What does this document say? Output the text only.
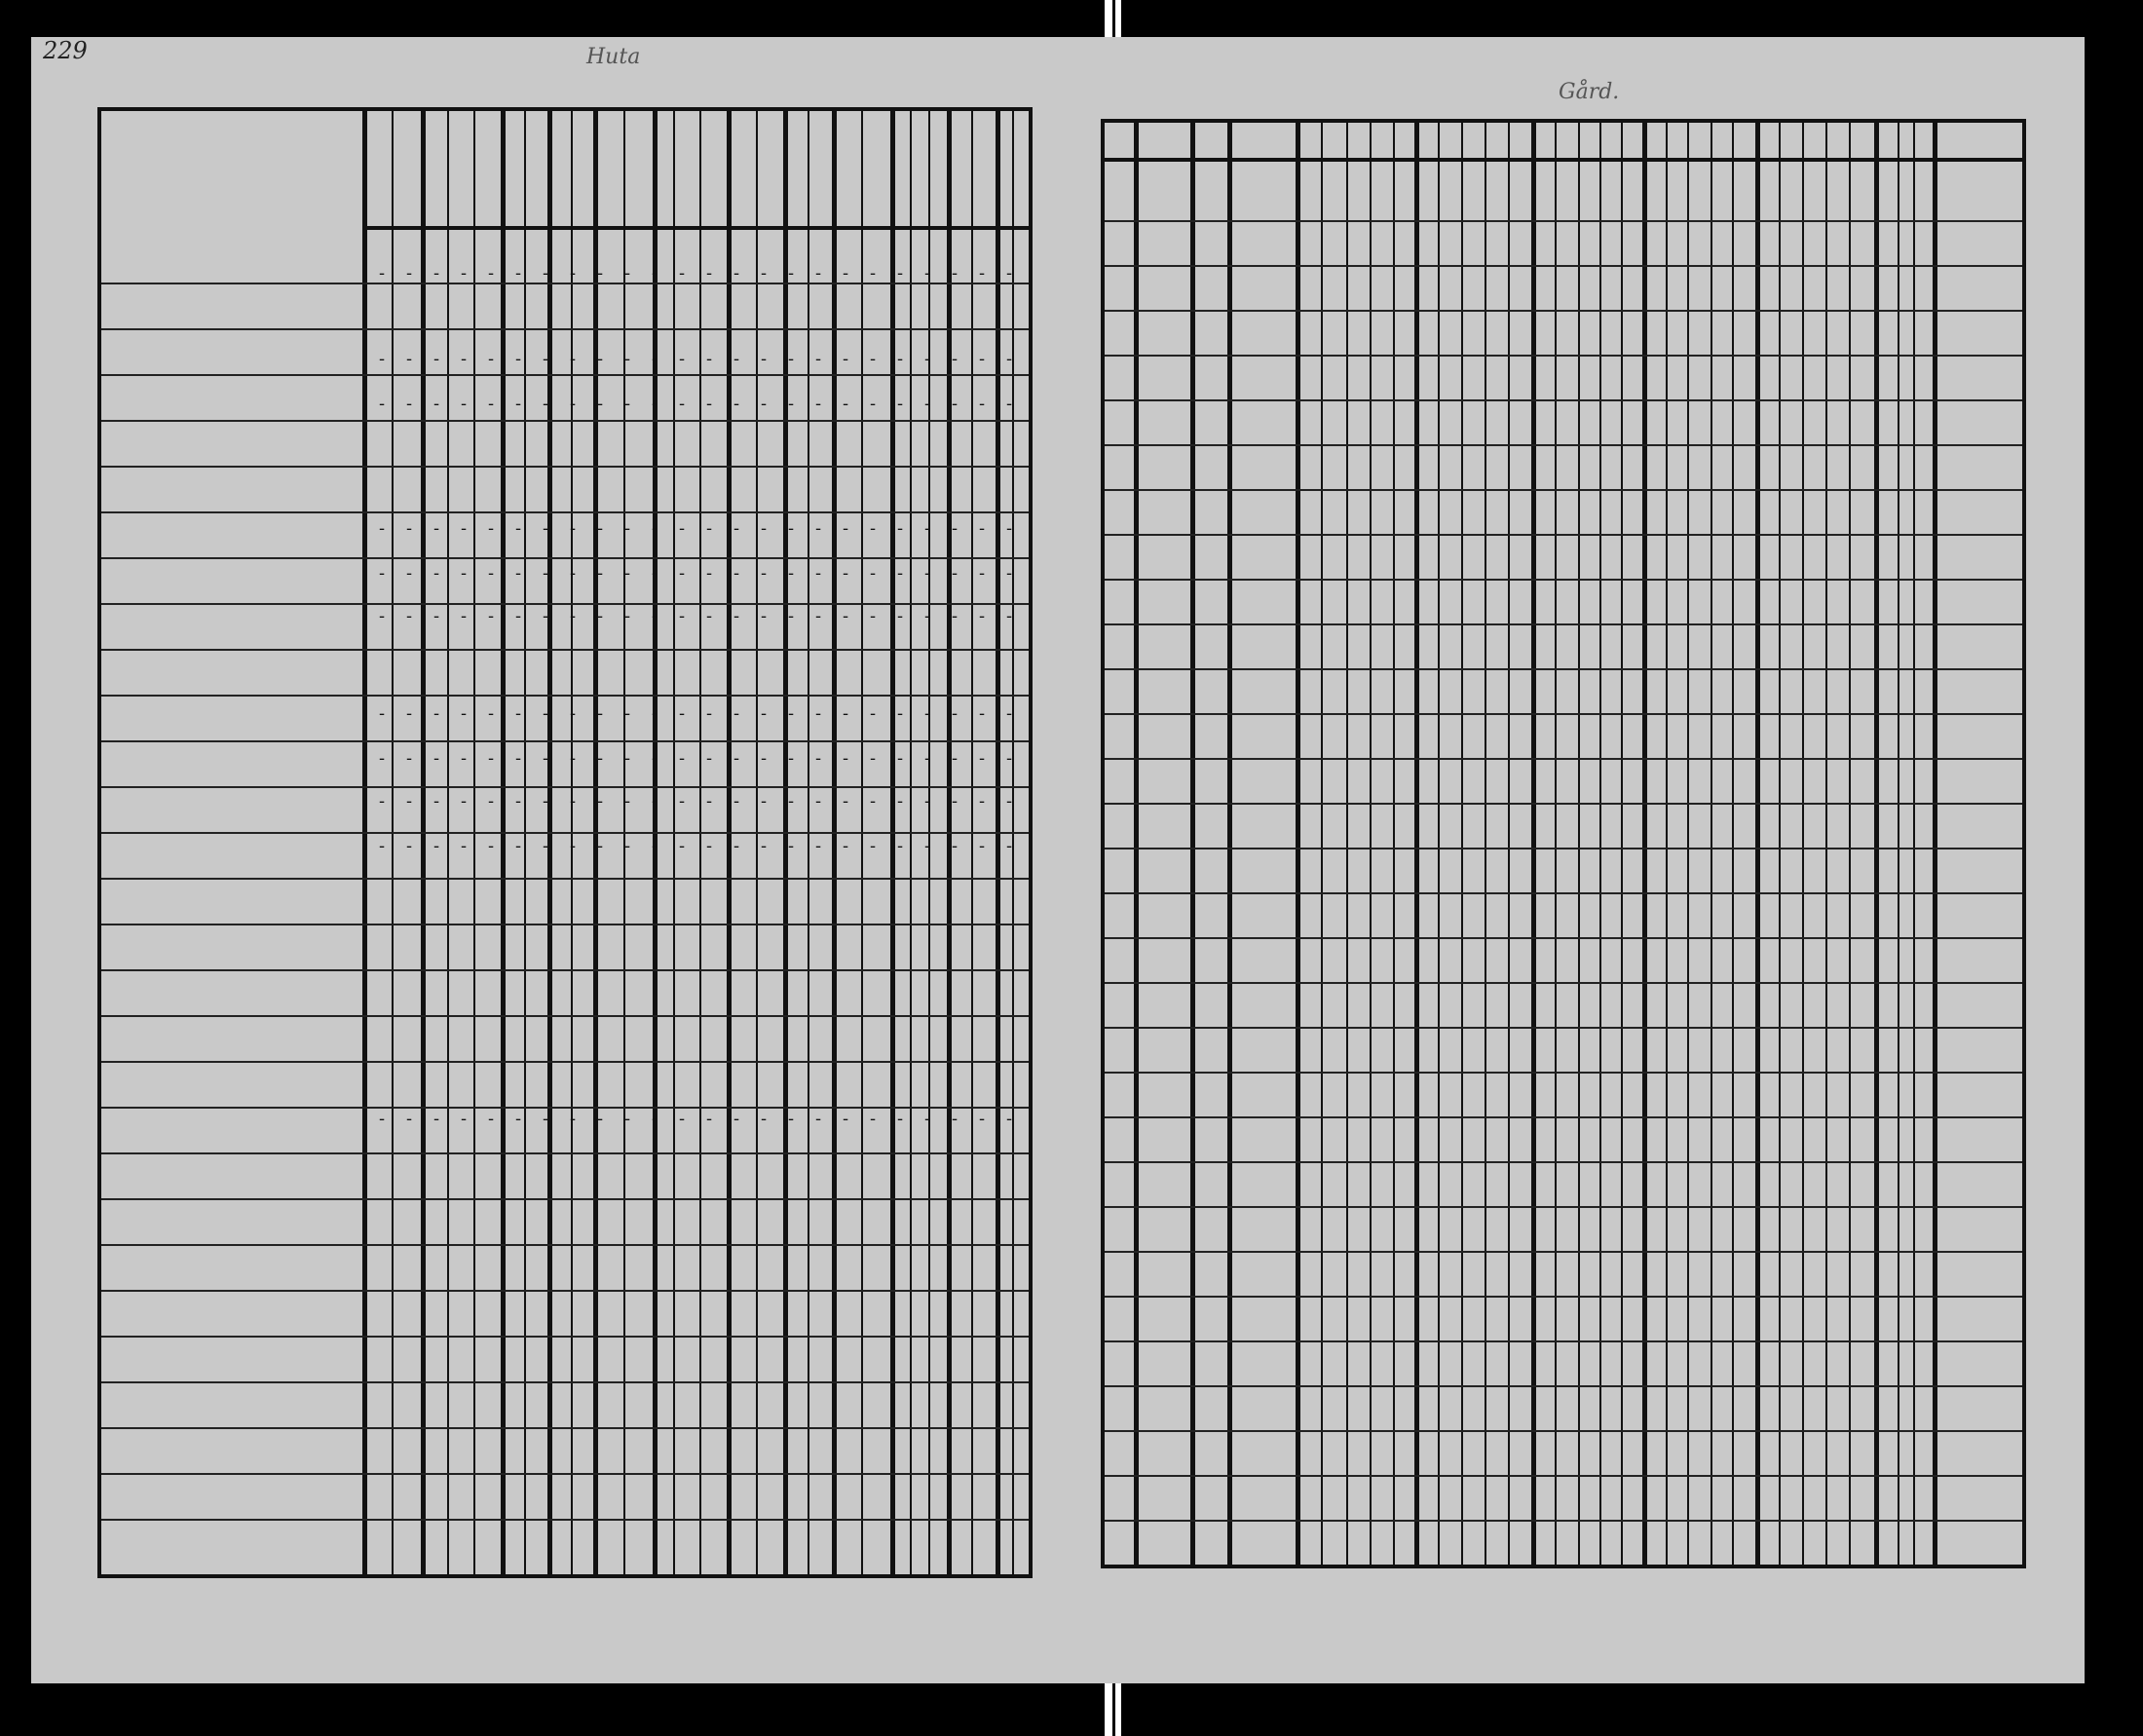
229	Huta
- - - - - - - - - - - - - - - - - - - - - - - -
- - - - - - - - - - - - - - - - - - - - - - - -
- - - - - - - - - - - - - - - - - - - - - - - -
- - - - - - - - - - - - - - - - - - - - - - - -
- - - - - - - - - - - - - - - - - - - - - - - -
- - - - - - - - - - - - - - - - - - - - - - - -
- - - - - - - - - - - - - - - - - - - - - - - -
- - - - - - - - - - - - - - - - - - - - - - - -
- - - - - - - - - - - - - - - - - - - - - - - -
- - - - - - - - - - - - - - - - - - - - - - - -
- - - - - - - - - - - - - - - - - - - - - - - -
Gård.
